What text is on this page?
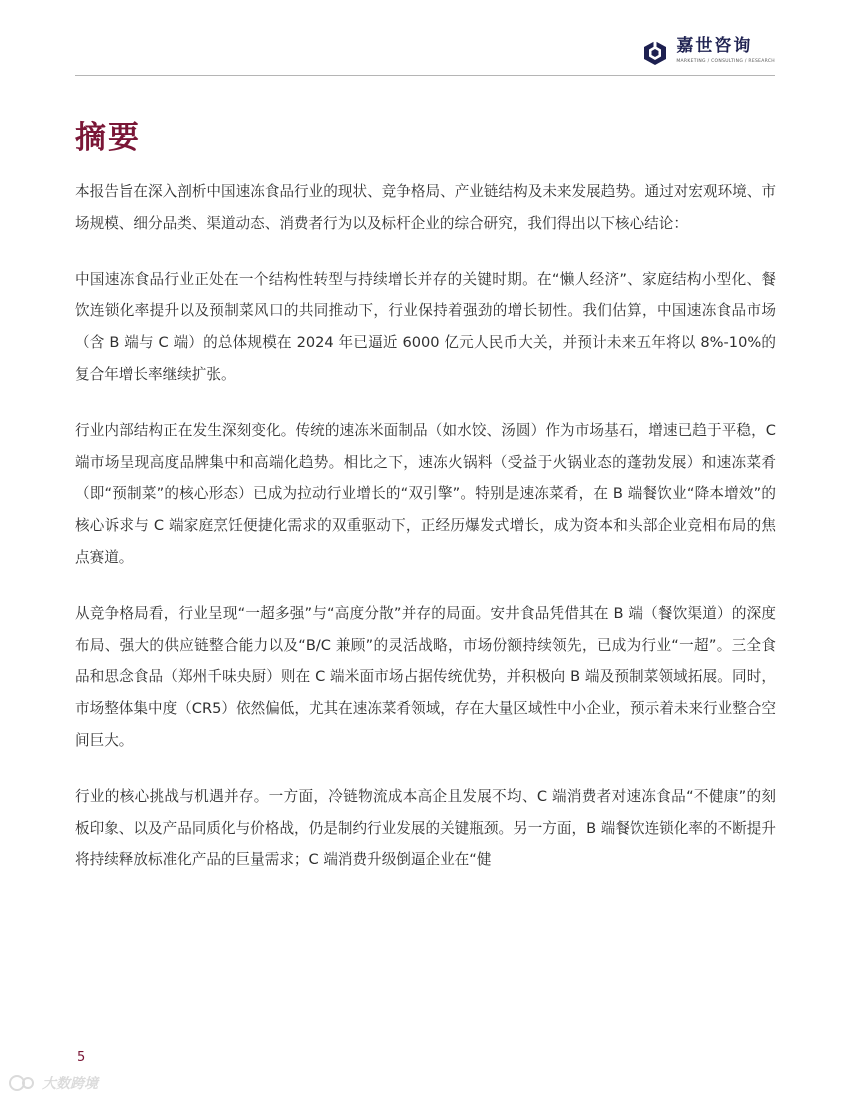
嘉世咨询
MARKETING / CONSULTING / RESEARCH
摘要

本报告旨在深入剖析中国速冻食品行业的现状、竞争格局、产业链结构及未来发展趋势。通过对宏观环境、市场规模、细分品类、渠道动态、消费者行为以及标杆企业的综合研究，我们得出以下核心结论：

中国速冻食品行业正处在一个结构性转型与持续增长并存的关键时期。在“懒人经济”、家庭结构小型化、餐饮连锁化率提升以及预制菜风口的共同推动下，行业保持着强劲的增长韧性。我们估算，中国速冻食品市场（含 B 端与 C 端）的总体规模在 2024 年已逼近 6000 亿元人民币大关，并预计未来五年将以 8%-10%的复合年增长率继续扩张。

行业内部结构正在发生深刻变化。传统的速冻米面制品（如水饺、汤圆）作为市场基石，增速已趋于平稳，C 端市场呈现高度品牌集中和高端化趋势。相比之下，速冻火锅料（受益于火锅业态的蓬勃发展）和速冻菜肴（即“预制菜”的核心形态）已成为拉动行业增长的“双引擎”。特别是速冻菜肴，在 B 端餐饮业“降本增效”的核心诉求与 C 端家庭烹饪便捷化需求的双重驱动下，正经历爆发式增长，成为资本和头部企业竞相布局的焦点赛道。

从竞争格局看，行业呈现“一超多强”与“高度分散”并存的局面。安井食品凭借其在 B 端（餐饮渠道）的深度布局、强大的供应链整合能力以及“B/C 兼顾”的灵活战略，市场份额持续领先，已成为行业“一超”。三全食品和思念食品（郑州千味央厨）则在 C 端米面市场占据传统优势，并积极向 B 端及预制菜领域拓展。同时，市场整体集中度（CR5）依然偏低，尤其在速冻菜肴领域，存在大量区域性中小企业，预示着未来行业整合空间巨大。

行业的核心挑战与机遇并存。一方面，冷链物流成本高企且发展不均、C 端消费者对速冻食品“不健康”的刻板印象、以及产品同质化与价格战，仍是制约行业发展的关键瓶颈。另一方面，B 端餐饮连锁化率的不断提升将持续释放标准化产品的巨量需求；C 端消费升级倒逼企业在“健

5
大数跨境
